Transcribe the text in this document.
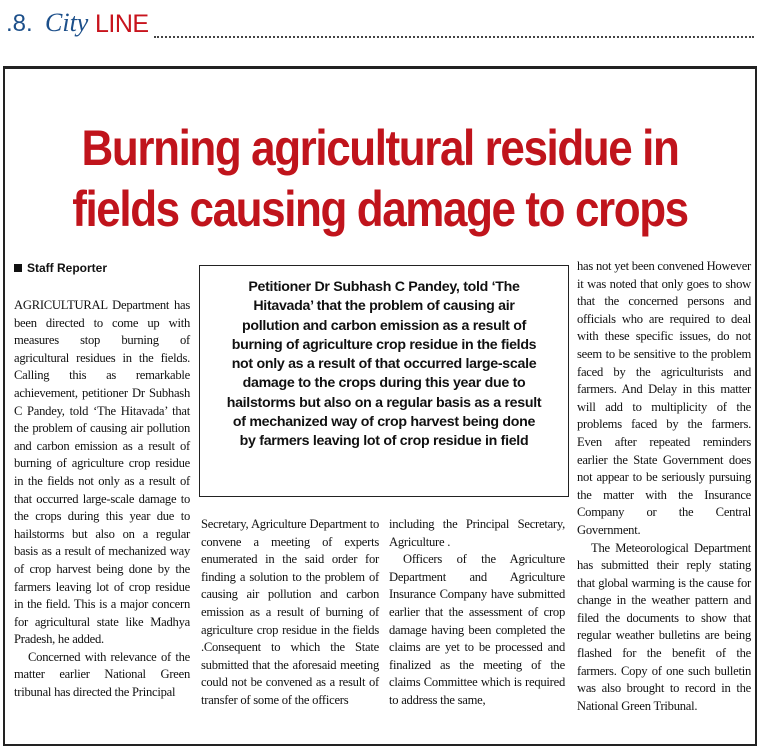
.8. City LINE
Burning agricultural residue in
fields causing damage to crops
Staff Reporter

AGRICULTURAL Department has been directed to come up with measures stop burning of agricultural residues in the fields. Calling this as remarkable achievement, petitioner Dr Subhash C Pandey, told ‘The Hitavada’ that the problem of causing air pollution and carbon emission as a result of burning of agriculture crop residue in the fields not only as a result of that occurred large-scale damage to the crops during this year due to hailstorms but also on a regular basis as a result of mechanized way of crop harvest being done by the farmers leaving lot of crop residue in the field. This is a major concern for agricultural state like Madhya Pradesh, he added.

Concerned with relevance of the matter earlier National Green tribunal has directed the Principal

Petitioner Dr Subhash C Pandey, told ‘The
Hitavada’ that the problem of causing air
pollution and carbon emission as a result of
burning of agriculture crop residue in the fields
not only as a result of that occurred large-scale
damage to the crops during this year due to
hailstorms but also on a regular basis as a result
of mechanized way of crop harvest being done
by farmers leaving lot of crop residue in field

Secretary, Agriculture Department to convene a meeting of experts enumerated in the said order for finding a solution to the problem of causing air pollution and carbon emission as a result of burning of agriculture crop residue in the fields .Consequent to which the State submitted that the aforesaid meeting could not be convened as a result of transfer of some of the officers

including the Principal Secretary, Agriculture .

Officers of the Agriculture Department and Agriculture Insurance Company have submitted earlier that the assessment of crop damage having been completed the claims are yet to be processed and finalized as the meeting of the claims Committee which is required to address the same,

has not yet been convened However it was noted that only goes to show that the concerned persons and officials who are required to deal with these specific issues, do not seem to be sensitive to the problem faced by the agriculturists and farmers. And Delay in this matter will add to multiplicity of the problems faced by the farmers. Even after repeated reminders earlier the State Government does not appear to be seriously pursuing the matter with the Insurance Company or the Central Government.

The Meteorological Department has submitted their reply stating that global warming is the cause for change in the weather pattern and filed the documents to show that regular weather bulletins are being flashed for the benefit of the farmers. Copy of one such bulletin was also brought to record in the National Green Tribunal.
